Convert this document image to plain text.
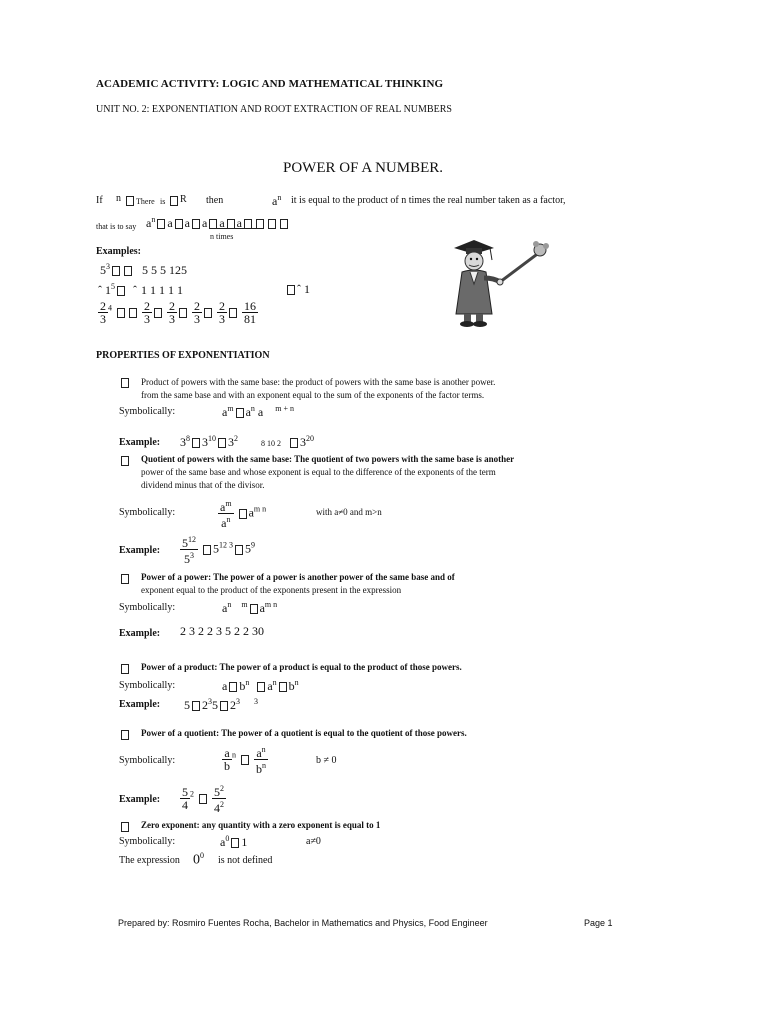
ACADEMIC ACTIVITY: LOGIC AND MATHEMATICAL THINKING
UNIT NO. 2: EXPONENTIATION AND ROOT EXTRACTION OF REAL NUMBERS
POWER OF A NUMBER.
If n There is R then	$a^n$ it is equal to the product of n times the real number taken as a factor,
that is to say $a^n$ a a a a a
n times
Examples:
$5^3$	5 5 5 125
ˆ $1^5$ ˆ 1 1 1 1 1	ˆ 1
$\frac{2}{3} ^4$	$\frac{2}{3}$
$\frac{2}{3}$
$\frac{2}{3}$
$\frac{2}{3}$
$\frac{16}{81}$
PROPERTIES OF EXPONENTIATION
Product of powers with the same base: the product of powers with the same base is another power.
from the same base and with an exponent equal to the sum of the exponents of the factor terms.
Symbolically:	$a^m$ $a^n$ a $^{m + n}$
Example: $3^8$ $3^{10}$ $3^2$ 8 10 2 $3^{20}$
Quotient of powers with the same base: The quotient of two powers with the same base is another
power of the same base and whose exponent is equal to the difference of the exponents of the term
dividend minus that of the divisor.
Symbolically:	$\frac{a^m}{a^n} a^{m n}$	with a≠0 and m>n
Example: $\frac{5^{12}}{5^3} 5^{12 3}$ $5^9$
Power of a power: The power of a power is another power of the same base and of
exponent equal to the product of the exponents present in the expression
Symbolically:	$a^n$ $^m$ $a^{m n}$
Example: 2 3 2 2 3 5 2 2 30
Power of a product: The power of a product is equal to the product of those powers.
Symbolically:	a $b^n$ $a^n$ $b^n$
Example: 5 $2^35$ $2^3$ $^3$
Power of a quotient: The power of a quotient is equal to the quotient of those powers.
Symbolically:	$\frac{a}{b} ^n \frac{a^n}{b^n}$	b ≠ 0
Example: $\frac{5}{4} ^2 \frac{5^2}{4^2}$
Zero exponent: any quantity with a zero exponent is equal to 1
Symbolically:	$a^0$ 1	a≠0
The expression $0^0$ is not defined
Prepared by: Rosmiro Fuentes Rocha, Bachelor in Mathematics and Physics, Food Engineer	Page 1
